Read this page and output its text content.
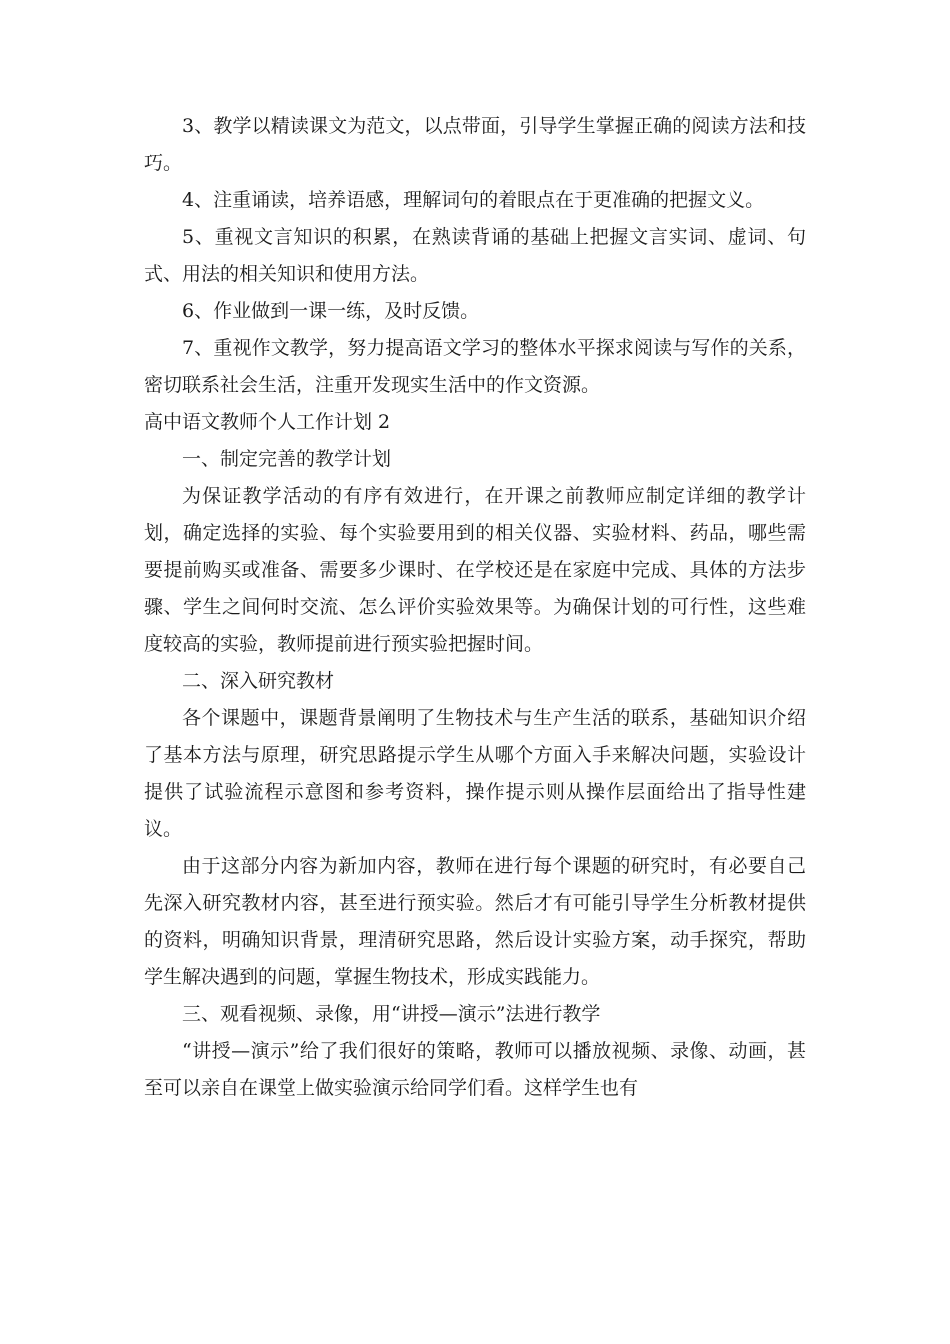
3、教学以精读课文为范文，以点带面，引导学生掌握正确的阅读方法和技巧。

4、注重诵读，培养语感，理解词句的着眼点在于更准确的把握文义。

5、重视文言知识的积累，在熟读背诵的基础上把握文言实词、虚词、句式、用法的相关知识和使用方法。

6、作业做到一课一练，及时反馈。

7、重视作文教学，努力提高语文学习的整体水平探求阅读与写作的关系，密切联系社会生活，注重开发现实生活中的作文资源。

高中语文教师个人工作计划 2

一、制定完善的教学计划

为保证教学活动的有序有效进行，在开课之前教师应制定详细的教学计划，确定选择的实验、每个实验要用到的相关仪器、实验材料、药品，哪些需要提前购买或准备、需要多少课时、在学校还是在家庭中完成、具体的方法步骤、学生之间何时交流、怎么评价实验效果等。为确保计划的可行性，这些难度较高的实验，教师提前进行预实验把握时间。

二、深入研究教材

各个课题中，课题背景阐明了生物技术与生产生活的联系，基础知识介绍了基本方法与原理，研究思路提示学生从哪个方面入手来解决问题，实验设计提供了试验流程示意图和参考资料，操作提示则从操作层面给出了指导性建议。

由于这部分内容为新加内容，教师在进行每个课题的研究时，有必要自己先深入研究教材内容，甚至进行预实验。然后才有可能引导学生分析教材提供的资料，明确知识背景，理清研究思路，然后设计实验方案，动手探究，帮助学生解决遇到的问题，掌握生物技术，形成实践能力。

三、观看视频、录像，用“讲授—演示”法进行教学

“讲授—演示”给了我们很好的策略，教师可以播放视频、录像、动画，甚至可以亲自在课堂上做实验演示给同学们看。这样学生也有
